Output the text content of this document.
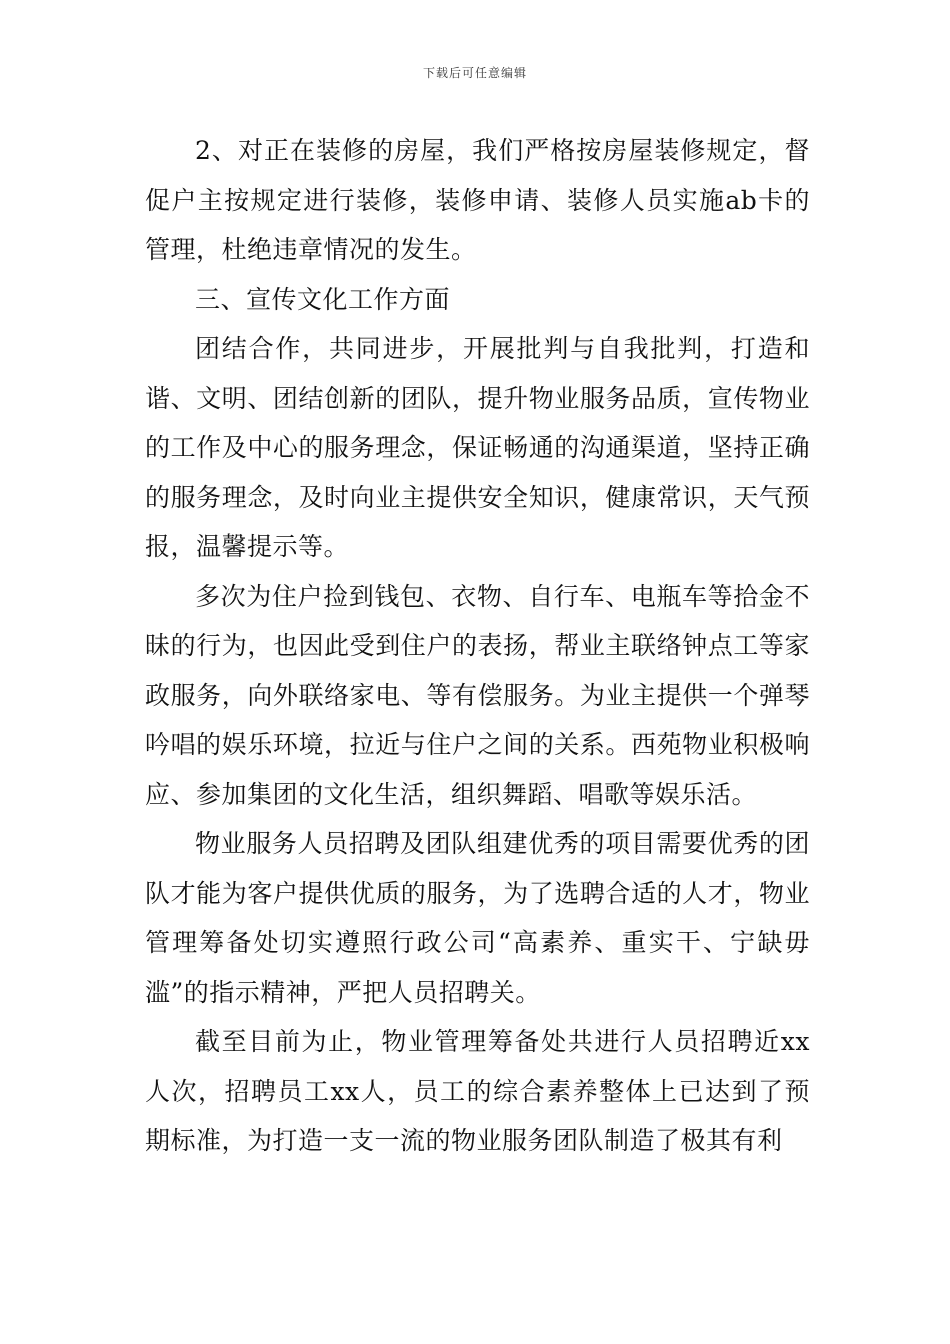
下载后可任意编辑

2、对正在装修的房屋，我们严格按房屋装修规定，督促户主按规定进行装修，装修申请、装修人员实施ab卡的管理，杜绝违章情况的发生。

三、宣传文化工作方面

团结合作，共同进步，开展批判与自我批判，打造和谐、文明、团结创新的团队，提升物业服务品质，宣传物业的工作及中心的服务理念，保证畅通的沟通渠道，坚持正确的服务理念，及时向业主提供安全知识，健康常识，天气预报，温馨提示等。

多次为住户捡到钱包、衣物、自行车、电瓶车等拾金不昧的行为，也因此受到住户的表扬，帮业主联络钟点工等家政服务，向外联络家电、等有偿服务。为业主提供一个弹琴吟唱的娱乐环境，拉近与住户之间的关系。西苑物业积极响应、参加集团的文化生活，组织舞蹈、唱歌等娱乐活。

物业服务人员招聘及团队组建优秀的项目需要优秀的团队才能为客户提供优质的服务，为了选聘合适的人才，物业管理筹备处切实遵照行政公司“高素养、重实干、宁缺毋滥”的指示精神，严把人员招聘关。

截至目前为止，物业管理筹备处共进行人员招聘近xx人次，招聘员工xx人，员工的综合素养整体上已达到了预期标准，为打造一支一流的物业服务团队制造了极其有利
